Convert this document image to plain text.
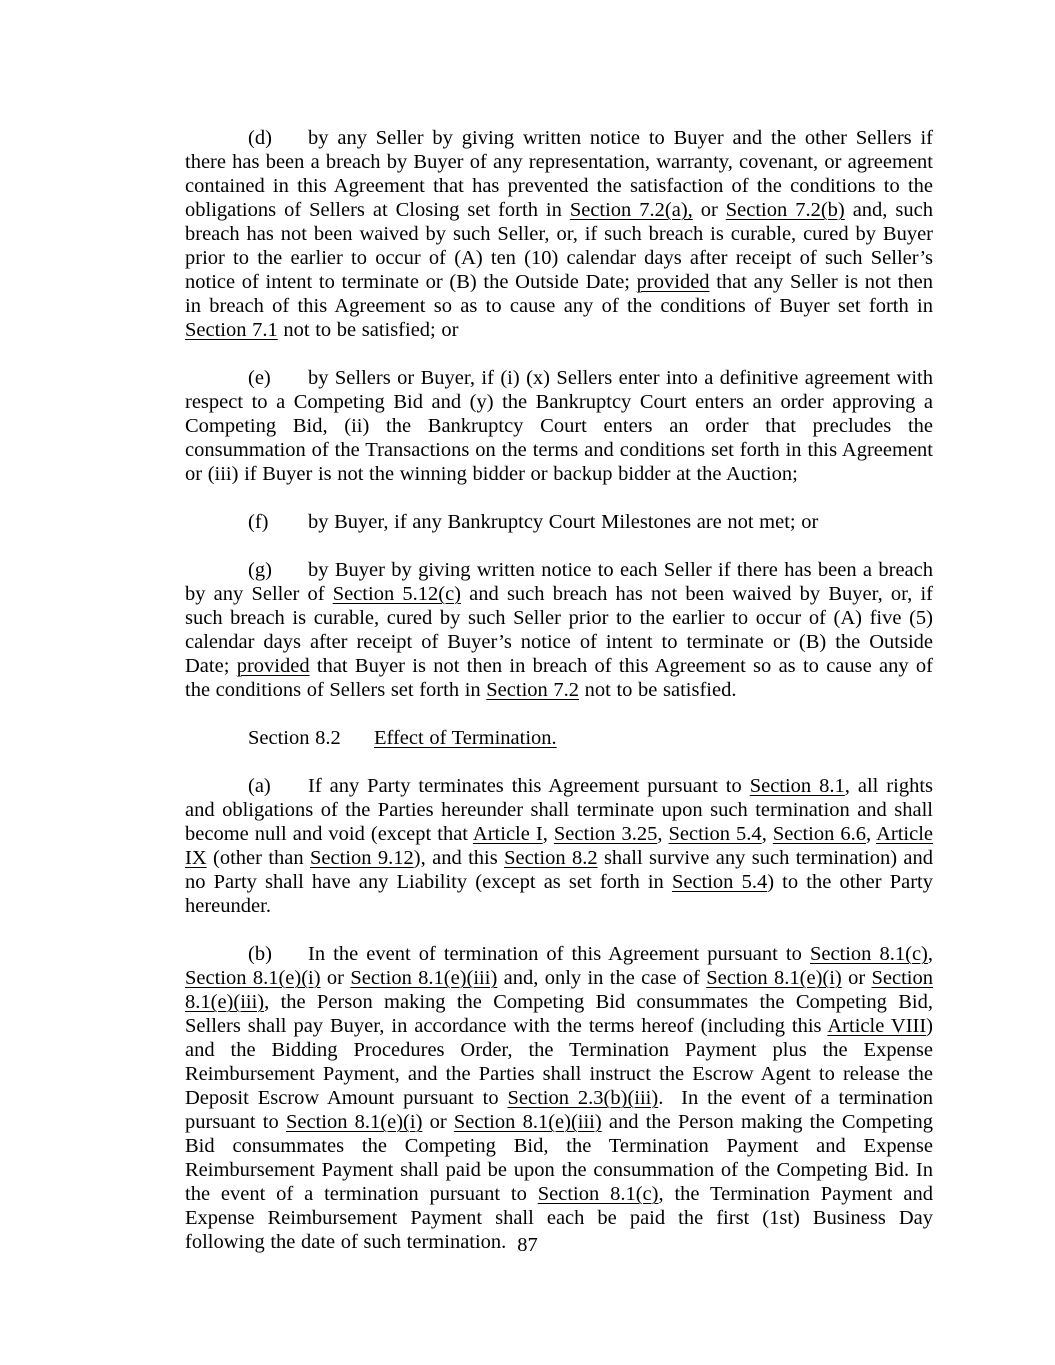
(d) by any Seller by giving written notice to Buyer and the other Sellers if there has been a breach by Buyer of any representation, warranty, covenant, or agreement contained in this Agreement that has prevented the satisfaction of the conditions to the obligations of Sellers at Closing set forth in Section 7.2(a), or Section 7.2(b) and, such breach has not been waived by such Seller, or, if such breach is curable, cured by Buyer prior to the earlier to occur of (A) ten (10) calendar days after receipt of such Seller’s notice of intent to terminate or (B) the Outside Date; provided that any Seller is not then in breach of this Agreement so as to cause any of the conditions of Buyer set forth in Section 7.1 not to be satisfied; or

(e) by Sellers or Buyer, if (i) (x) Sellers enter into a definitive agreement with respect to a Competing Bid and (y) the Bankruptcy Court enters an order approving a Competing Bid, (ii) the Bankruptcy Court enters an order that precludes the consummation of the Transactions on the terms and conditions set forth in this Agreement or (iii) if Buyer is not the winning bidder or backup bidder at the Auction;

(f) by Buyer, if any Bankruptcy Court Milestones are not met; or

(g) by Buyer by giving written notice to each Seller if there has been a breach by any Seller of Section 5.12(c) and such breach has not been waived by Buyer, or, if such breach is curable, cured by such Seller prior to the earlier to occur of (A) five (5) calendar days after receipt of Buyer’s notice of intent to terminate or (B) the Outside Date; provided that Buyer is not then in breach of this Agreement so as to cause any of the conditions of Sellers set forth in Section 7.2 not to be satisfied.

Section 8.2 Effect of Termination.

(a) If any Party terminates this Agreement pursuant to Section 8.1, all rights and obligations of the Parties hereunder shall terminate upon such termination and shall become null and void (except that Article I, Section 3.25, Section 5.4, Section 6.6, Article IX (other than Section 9.12), and this Section 8.2 shall survive any such termination) and no Party shall have any Liability (except as set forth in Section 5.4) to the other Party hereunder.

(b) In the event of termination of this Agreement pursuant to Section 8.1(c), Section 8.1(e)(i) or Section 8.1(e)(iii) and, only in the case of Section 8.1(e)(i) or Section 8.1(e)(iii), the Person making the Competing Bid consummates the Competing Bid, Sellers shall pay Buyer, in accordance with the terms hereof (including this Article VIII) and the Bidding Procedures Order, the Termination Payment plus the Expense Reimbursement Payment, and the Parties shall instruct the Escrow Agent to release the Deposit Escrow Amount pursuant to Section 2.3(b)(iii).  In the event of a termination pursuant to Section 8.1(e)(i) or Section 8.1(e)(iii) and the Person making the Competing Bid consummates the Competing Bid, the Termination Payment and Expense Reimbursement Payment shall paid be upon the consummation of the Competing Bid. In the event of a termination pursuant to Section 8.1(c), the Termination Payment and Expense Reimbursement Payment shall each be paid the first (1st) Business Day following the date of such termination. 87
